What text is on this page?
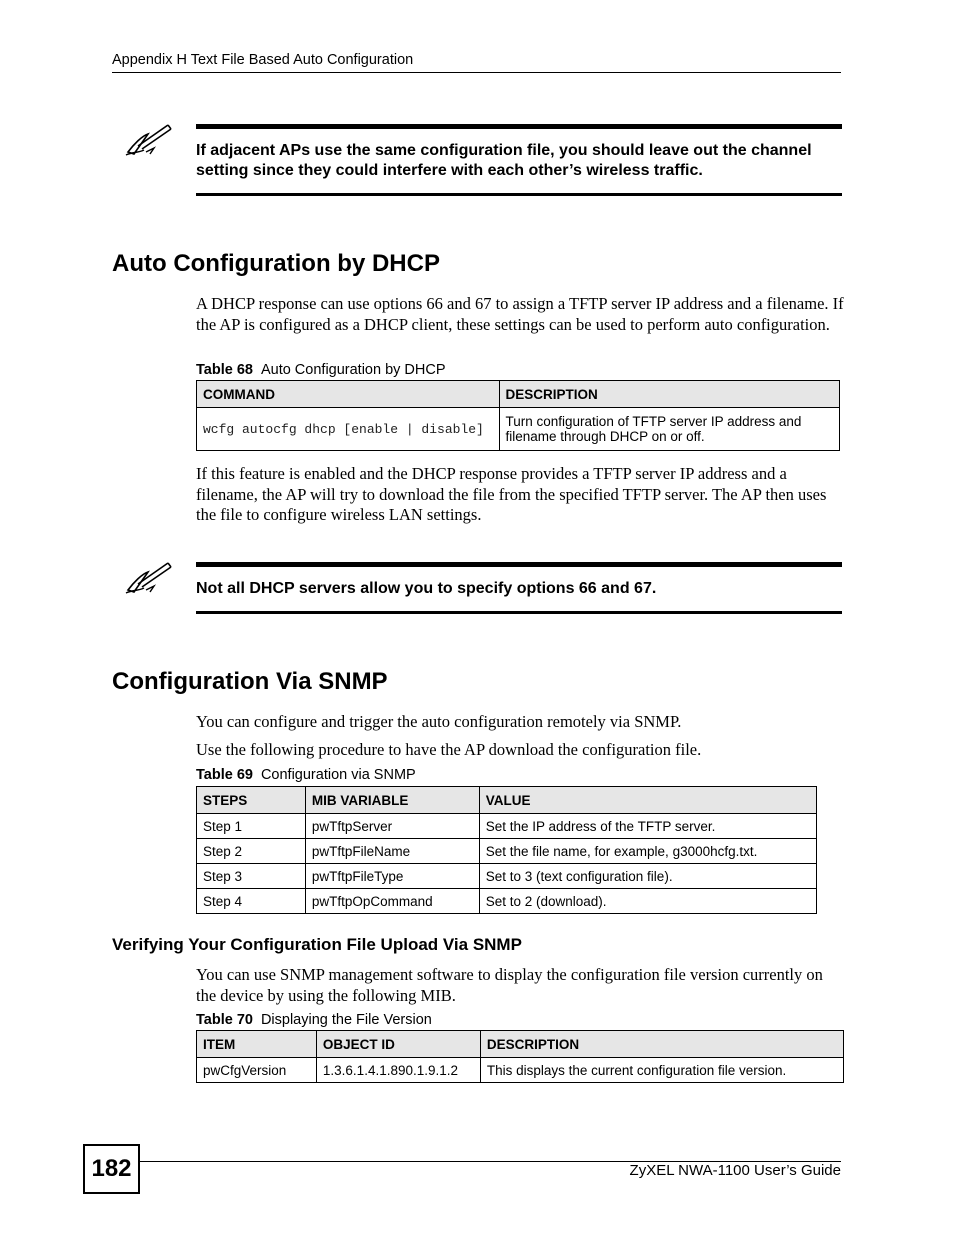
Appendix H Text File Based Auto Configuration

If adjacent APs use the same configuration file, you should leave out the channel setting since they could interfere with each other’s wireless traffic.

Auto Configuration by DHCP

A DHCP response can use options 66 and 67 to assign a TFTP server IP address and a filename. If the AP is configured as a DHCP client, these settings can be used to perform auto configuration.

Table 68 Auto Configuration by DHCP
COMMAND	DESCRIPTION
wcfg autocfg dhcp [enable | disable]	Turn configuration of TFTP server IP address and filename through DHCP on or off.

If this feature is enabled and the DHCP response provides a TFTP server IP address and a filename, the AP will try to download the file from the specified TFTP server. The AP then uses the file to configure wireless LAN settings.

Not all DHCP servers allow you to specify options 66 and 67.

Configuration Via SNMP

You can configure and trigger the auto configuration remotely via SNMP.

Use the following procedure to have the AP download the configuration file.

Table 69 Configuration via SNMP
STEPS	MIB VARIABLE	VALUE
Step 1	pwTftpServer	Set the IP address of the TFTP server.
Step 2	pwTftpFileName	Set the file name, for example, g3000hcfg.txt.
Step 3	pwTftpFileType	Set to 3 (text configuration file).
Step 4	pwTftpOpCommand	Set to 2 (download).
Verifying Your Configuration File Upload Via SNMP

You can use SNMP management software to display the configuration file version currently on the device by using the following MIB.

Table 70 Displaying the File Version
ITEM	OBJECT ID	DESCRIPTION
pwCfgVersion	1.3.6.1.4.1.890.1.9.1.2	This displays the current configuration file version.
182	ZyXEL NWA-1100 User’s Guide
